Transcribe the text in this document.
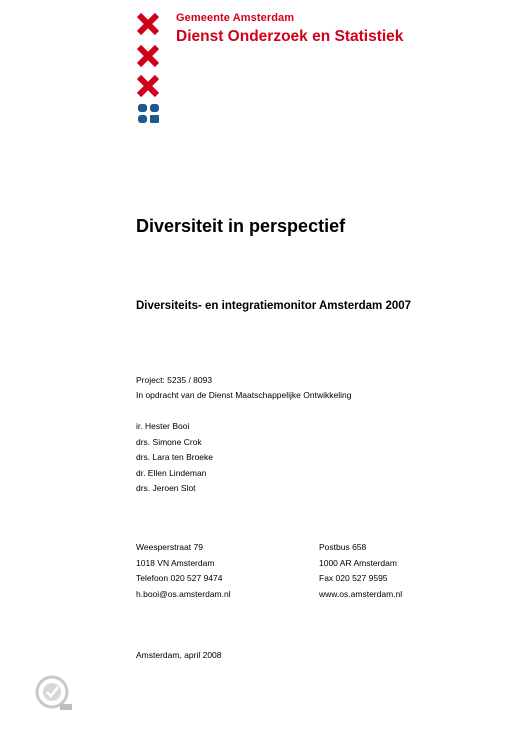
Gemeente Amsterdam
Dienst Onderzoek en Statistiek
Diversiteit in perspectief
Diversiteits- en integratiemonitor Amsterdam 2007
Project: 5235 / 8093
In opdracht van de Dienst Maatschappelijke Ontwikkeling
ir. Hester Booi
drs. Simone Crok
drs. Lara ten Broeke
dr. Ellen Lindeman
drs. Jeroen Slot
Weesperstraat 79
1018 VN Amsterdam
Telefoon 020 527 9474
h.booi@os.amsterdam.nl
Postbus 658
1000 AR Amsterdam
Fax 020 527 9595
www.os.amsterdam.nl
Amsterdam, april 2008
